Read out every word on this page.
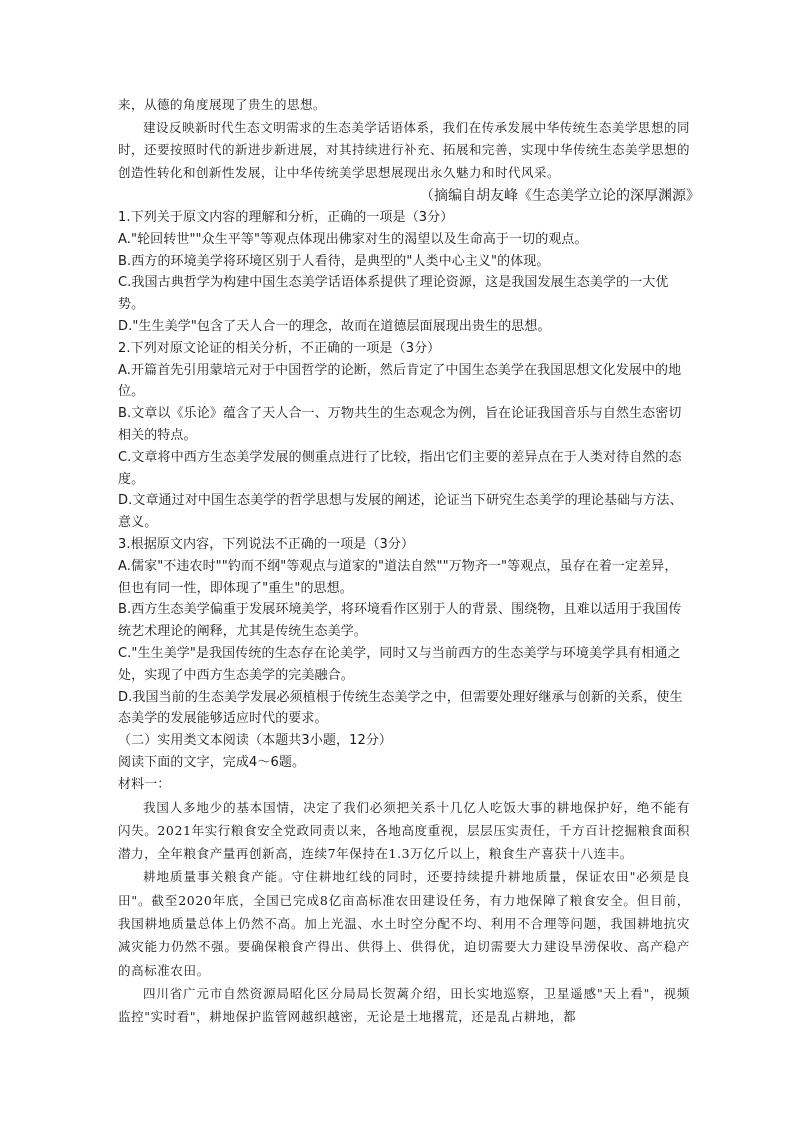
来，从德的角度展现了贵生的思想。

建设反映新时代生态文明需求的生态美学话语体系，我们在传承发展中华传统生态美学思想的同时，还要按照时代的新进步新进展，对其持续进行补充、拓展和完善，实现中华传统生态美学思想的创造性转化和创新性发展，让中华传统美学思想展现出永久魅力和时代风采。

（摘编自胡友峰《生态美学立论的深厚渊源》

1.下列关于原文内容的理解和分析，正确的一项是（3分）

A."轮回转世""众生平等"等观点体现出佛家对生的渴望以及生命高于一切的观点。

B.西方的环境美学将环境区别于人看待，是典型的"人类中心主义"的体现。

C.我国古典哲学为构建中国生态美学话语体系提供了理论资源，这是我国发展生态美学的一大优势。

D."生生美学"包含了天人合一的理念，故而在道德层面展现出贵生的思想。

2.下列对原文论证的相关分析，不正确的一项是（3分）

A.开篇首先引用蒙培元对于中国哲学的论断，然后肯定了中国生态美学在我国思想文化发展中的地位。

B.文章以《乐论》蕴含了天人合一、万物共生的生态观念为例，旨在论证我国音乐与自然生态密切相关的特点。

C.文章将中西方生态美学发展的侧重点进行了比较，指出它们主要的差异点在于人类对待自然的态度。

D.文章通过对中国生态美学的哲学思想与发展的阐述，论证当下研究生态美学的理论基础与方法、意义。

3.根据原文内容，下列说法不正确的一项是（3分）

A.儒家"不违农时""钓而不纲"等观点与道家的"道法自然""万物齐一"等观点，虽存在着一定差异，但也有同一性，即体现了"重生"的思想。

B.西方生态美学偏重于发展环境美学，将环境看作区别于人的背景、围绕物，且难以适用于我国传统艺术理论的阐释，尤其是传统生态美学。

C."生生美学"是我国传统的生态存在论美学，同时又与当前西方的生态美学与环境美学具有相通之处，实现了中西方生态美学的完美融合。

D.我国当前的生态美学发展必须植根于传统生态美学之中，但需要处理好继承与创新的关系，使生态美学的发展能够适应时代的要求。

（二）实用类文本阅读（本题共3小题，12分）

阅读下面的文字，完成4～6题。

材料一：

我国人多地少的基本国情，决定了我们必须把关系十几亿人吃饭大事的耕地保护好，绝不能有闪失。2021年实行粮食安全党政同责以来，各地高度重视，层层压实责任，千方百计挖掘粮食面积潜力，全年粮食产量再创新高，连续7年保持在1.3万亿斤以上，粮食生产喜获十八连丰。

耕地质量事关粮食产能。守住耕地红线的同时，还要持续提升耕地质量，保证农田"必须是良田"。截至2020年底，全国已完成8亿亩高标准农田建设任务，有力地保障了粮食安全。但目前，我国耕地质量总体上仍然不高。加上光温、水土时空分配不均、利用不合理等问题，我国耕地抗灾减灾能力仍然不强。要确保粮食产得出、供得上、供得优，迫切需要大力建设旱涝保收、高产稳产的高标准农田。

四川省广元市自然资源局昭化区分局局长贺蓠介绍，田长实地巡察，卫星遥感"天上看"，视频监控"实时看"，耕地保护监管网越织越密，无论是土地撂荒，还是乱占耕地，都
